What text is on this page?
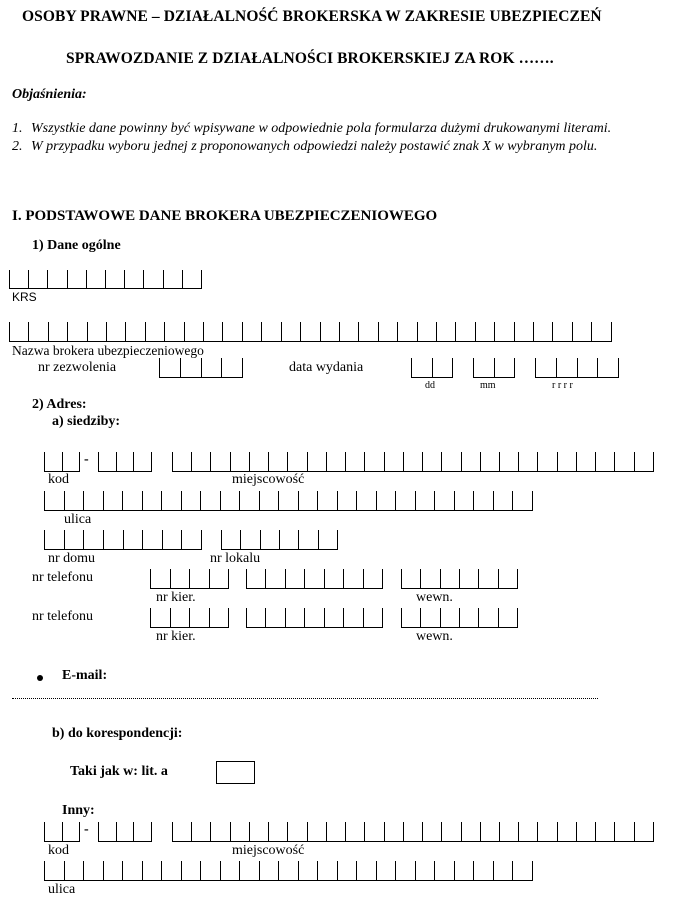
OSOBY PRAWNE – DZIAŁALNOŚĆ BROKERSKA W ZAKRESIE UBEZPIECZEŃ
SPRAWOZDANIE Z DZIAŁALNOŚCI BROKERSKIEJ ZA ROK …….
Objaśnienia:
1. Wszystkie dane powinny być wpisywane w odpowiednie pola formularza dużymi drukowanymi literami.
2. W przypadku wyboru jednej z proponowanych odpowiedzi należy postawić znak X w wybranym polu.
I. PODSTAWOWE DANE BROKERA UBEZPIECZENIOWEGO
1) Dane ogólne
KRS
Nazwa brokera ubezpieczeniowego
nr zezwolenia	data wydania
dd	mm	r r r r
2) Adres:
a) siedziby:
-
kod	miejscowość
ulica
nr domu	nr lokalu
nr telefonu
nr kier.	wewn.
nr telefonu
nr kier.	wewn.
E-mail:
b) do korespondencji:
Taki jak w: lit. a
Inny:
-
kod	miejscowość
ulica
